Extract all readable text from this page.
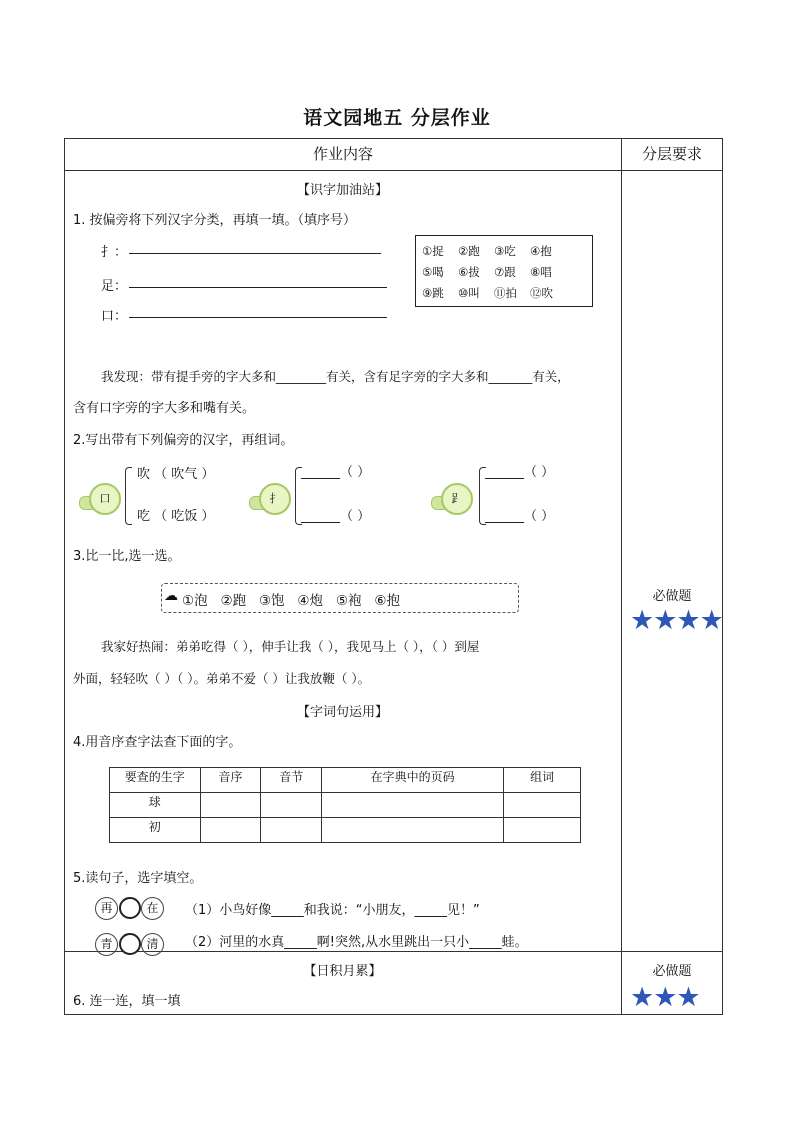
语文园地五 分层作业
作业内容	分层要求

【识字加油站】
1. 按偏旁将下列汉字分类，再填一填。（填序号）
扌：
足：
口：
①捉 ②跑 ③吃 ④抱
⑤喝 ⑥拔 ⑦跟 ⑧唱
⑨跳 ⑩叫 ⑪拍 ⑫吹
我发现：带有提手旁的字大多和________有关，含有足字旁的字大多和_______有关，
含有口字旁的字大多和嘴有关。
2.写出带有下列偏旁的汉字，再组词。
口
吹 （ 吹气 ）
吃 （ 吃饭 ）
扌
______（ ）
______（ ）
𧾷
______（ ）
______（ ）
3.比一比,选一选。
☁ ①泡   ②跑   ③饱   ④炮   ⑤袍   ⑥抱
我家好热闹：弟弟吃得（ ），伸手让我（ ），我见马上（ ），（ ）到屋
外面，轻轻吹（ ）（ ）。弟弟不爱（ ）让我放鞭（ ）。
【字词句运用】
4.用音序查字法查下面的字。
要查的生字	音序	音节	在字典中的页码	组词
球				
初				
5.读句子，选字填空。
再	在	（1）小鸟好像_____和我说：“小朋友，_____见！”
青	清	（2）河里的水真_____啊!突然,从水里跳出一只小_____蛙。

必做题
★★★★

【日积月累】
6. 连一连，填一填

必做题
★★★
